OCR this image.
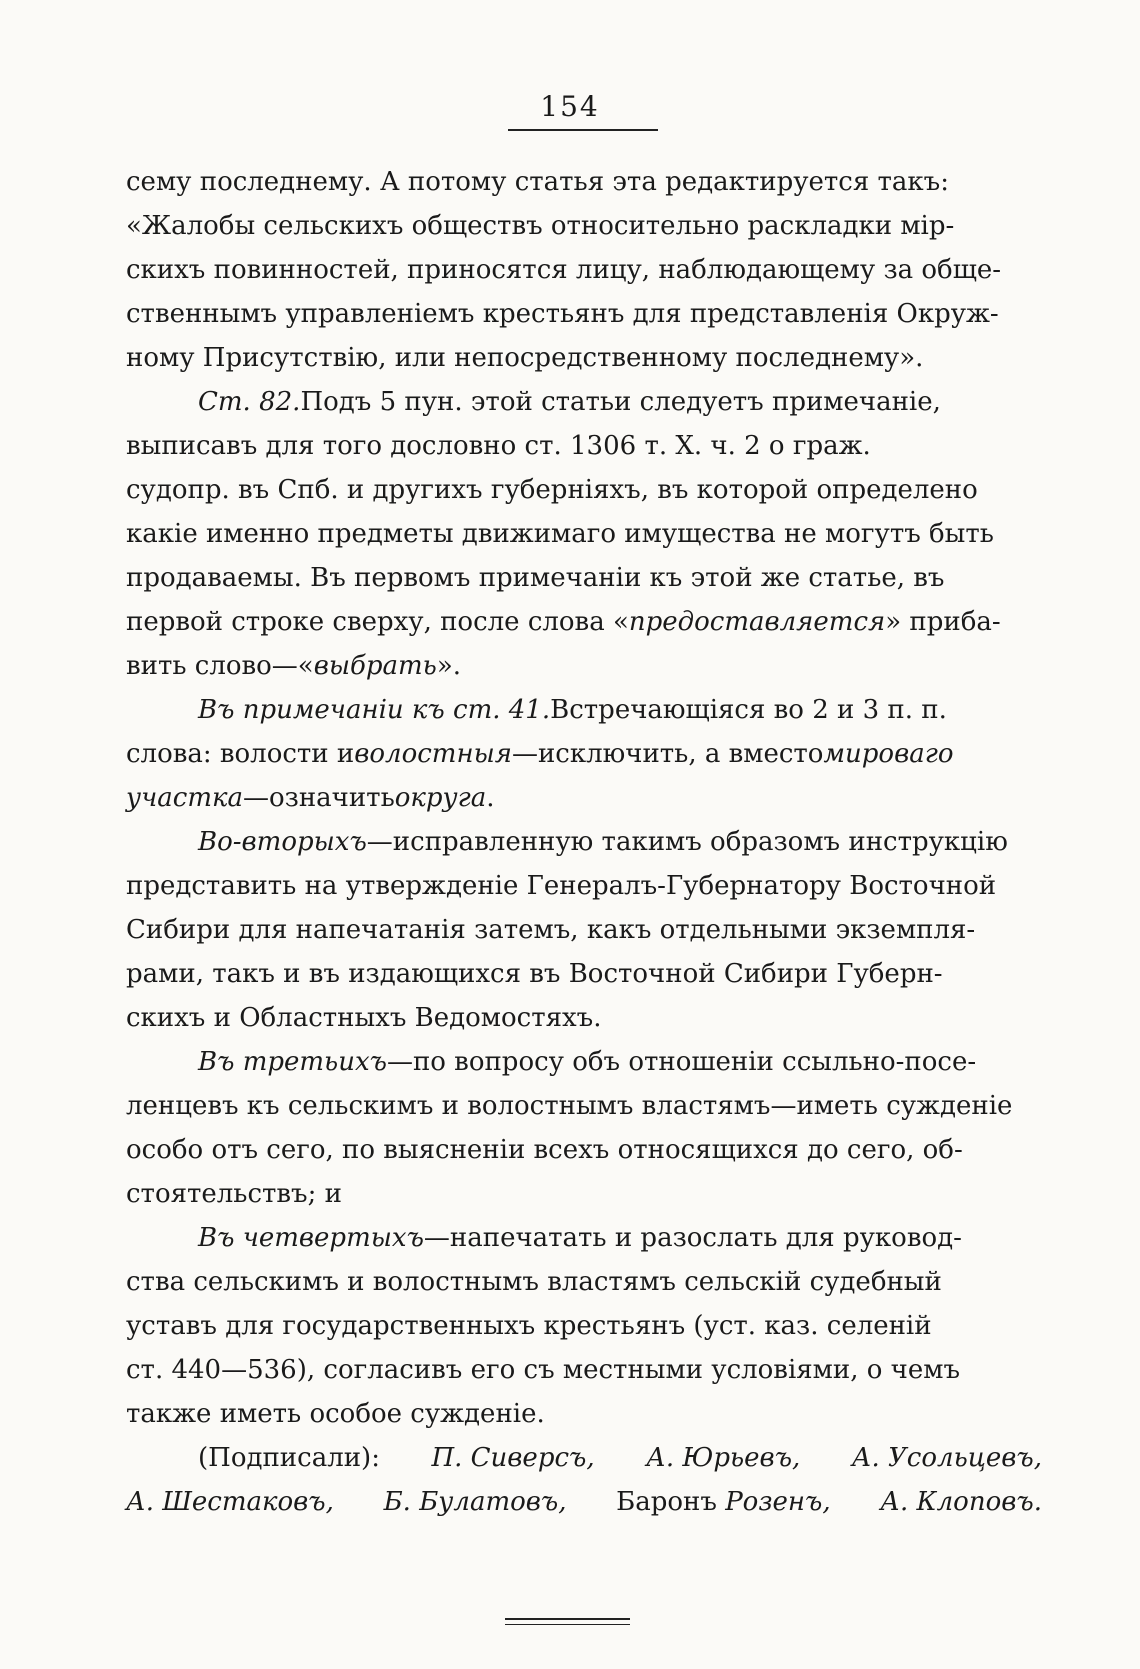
154
сему последнему. А потому статья эта редактируется такъ:
«Жалобы сельскихъ обществъ относительно раскладки мiр-
скихъ повинностей, приносятся лицу, наблюдающему за обще-
ственнымъ управленiемъ крестьянъ для представленiя Окруж-
ному Присутствiю, или непосредственному последнему».
Ст. 82.Подъ 5 пун. этой статьи следуетъ примечанiе,
выписавъ для того дословно ст. 1306 т. X. ч. 2 о граж.
судопр. въ Спб. и другихъ губернiяхъ, въ которой определено
какiе именно предметы движимаго имущества не могутъ быть
продаваемы. Въ первомъ примечанiи къ этой же статье, въ
первой строке сверху, после слова «предоставляется» приба-
вить слово—«выбрать».
Въ примечанiи къ ст. 41.Встречающiяся во 2 и 3 п. п.
слова: волости иволостныя—исключить, а вместомироваго
участка—означитьокруга.
Во-вторыхъ—исправленную такимъ образомъ инструкцiю
представить на утвержденiе Генералъ-Губернатору Восточной
Сибири для напечатанiя затемъ, какъ отдельными экземпля-
рами, такъ и въ издающихся въ Восточной Сибири Губерн-
скихъ и Областныхъ Ведомостяхъ.
Въ третьихъ—по вопросу объ отношенiи ссыльно-посе-
ленцевъ къ сельскимъ и волостнымъ властямъ—иметь сужденiе
особо отъ сего, по выясненiи всехъ относящихся до сего, об-
стоятельствъ; и
Въ четвертыхъ—напечатать и разослать для руковод-
ства сельскимъ и волостнымъ властямъ сельскiй судебный
уставъ для государственныхъ крестьянъ (уст. каз. селенiй
ст. 440—536), согласивъ его съ местными условiями, о чемъ
также иметь особое сужденiе.
(Подписали): П. Сиверсъ, А. Юрьевъ, А. Усольцевъ,
А. Шестаковъ, Б. Булатовъ, Баронъ Розенъ, А. Клоповъ.
